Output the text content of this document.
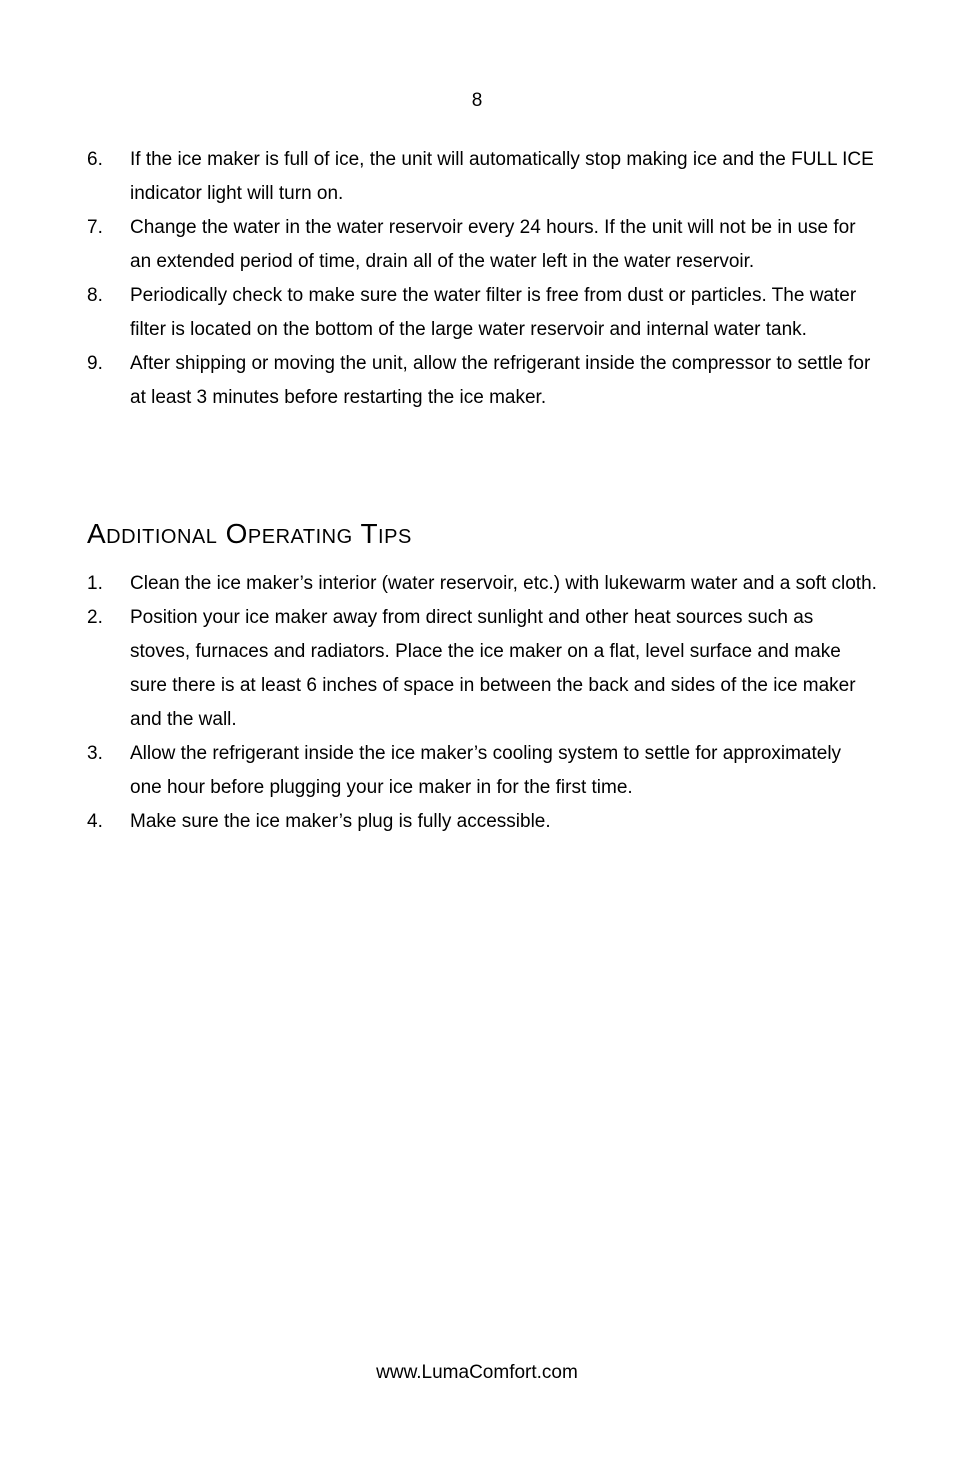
8
6.	If the ice maker is full of ice, the unit will automatically stop making ice and the FULL ICE indicator light will turn on.
7.	Change the water in the water reservoir every 24 hours. If the unit will not be in use for an extended period of time, drain all of the water left in the water reservoir.
8.	Periodically check to make sure the water filter is free from dust or particles. The water filter is located on the bottom of the large water reservoir and internal water tank.
9.	After shipping or moving the unit, allow the refrigerant inside the compressor to settle for at least 3 minutes before restarting the ice maker.
Additional Operating Tips
1.	Clean the ice maker’s interior (water reservoir, etc.) with lukewarm water and a soft cloth.
2.	Position your ice maker away from direct sunlight and other heat sources such as stoves, furnaces and radiators. Place the ice maker on a flat, level surface and make sure there is at least 6 inches of space in between the back and sides of the ice maker and the wall.
3.	Allow the refrigerant inside the ice maker’s cooling system to settle for approximately one hour before plugging your ice maker in for the first time.
4.	Make sure the ice maker’s plug is fully accessible.
www.LumaComfort.com
